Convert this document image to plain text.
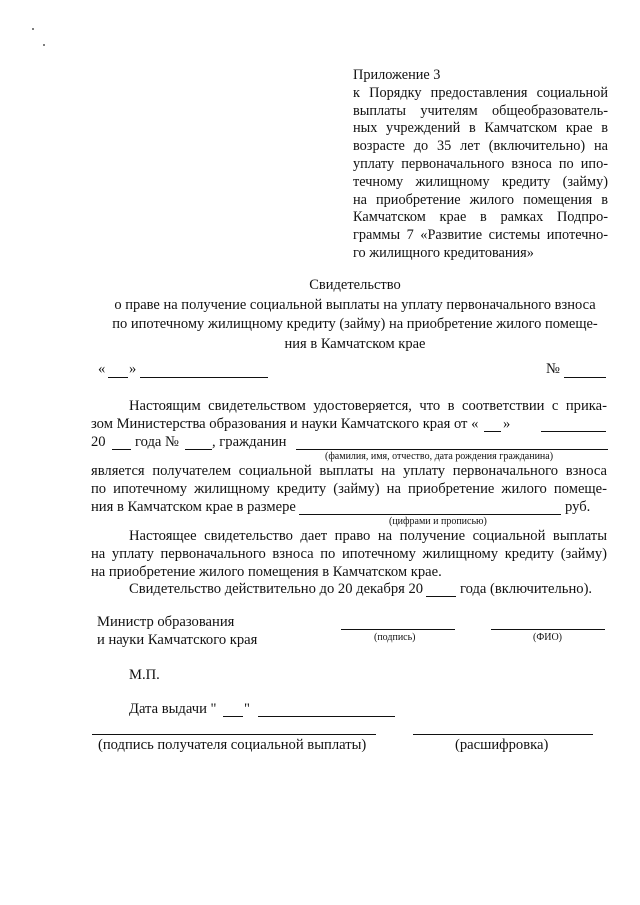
Приложение 3
к Порядку предоставления социальной
выплаты учителям общеобразователь-
ных учреждений в Камчатском крае в
возрасте до 35 лет (включительно) на
уплату первоначального взноса по ипо-
течному жилищному кредиту (займу)
на приобретение жилого помещения в
Камчатском крае в рамках Подпро-
граммы 7 «Развитие системы ипотечно-
го жилищного кредитования»
Свидетельство
о праве на получение социальной выплаты на уплату первоначального взноса
по ипотечному жилищному кредиту (займу) на приобретение жилого помеще-
ния в Камчатском крае
« »	№
Настоящим свидетельством удостоверяется, что в соответствии с прика-
зом Министерства образования и науки Камчатского края от « »
20 года № , гражданин
(фамилия, имя, отчество, дата рождения гражданина)
является получателем социальной выплаты на уплату первоначального взноса
по ипотечному жилищному кредиту (займу) на приобретение жилого помеще-
ния в Камчатском крае в размере	руб.
(цифрами и прописью)
Настоящее свидетельство дает право на получение социальной выплаты
на уплату первоначального взноса по ипотечному жилищному кредиту (займу)
на приобретение жилого помещения в Камчатском крае.
Свидетельство действительно до 20 декабря 20	года (включительно).
Министр образования
и науки Камчатского края	(подпись)	(ФИО)
М.П.
Дата выдачи " "
(подпись получателя социальной выплаты)	(расшифровка)
